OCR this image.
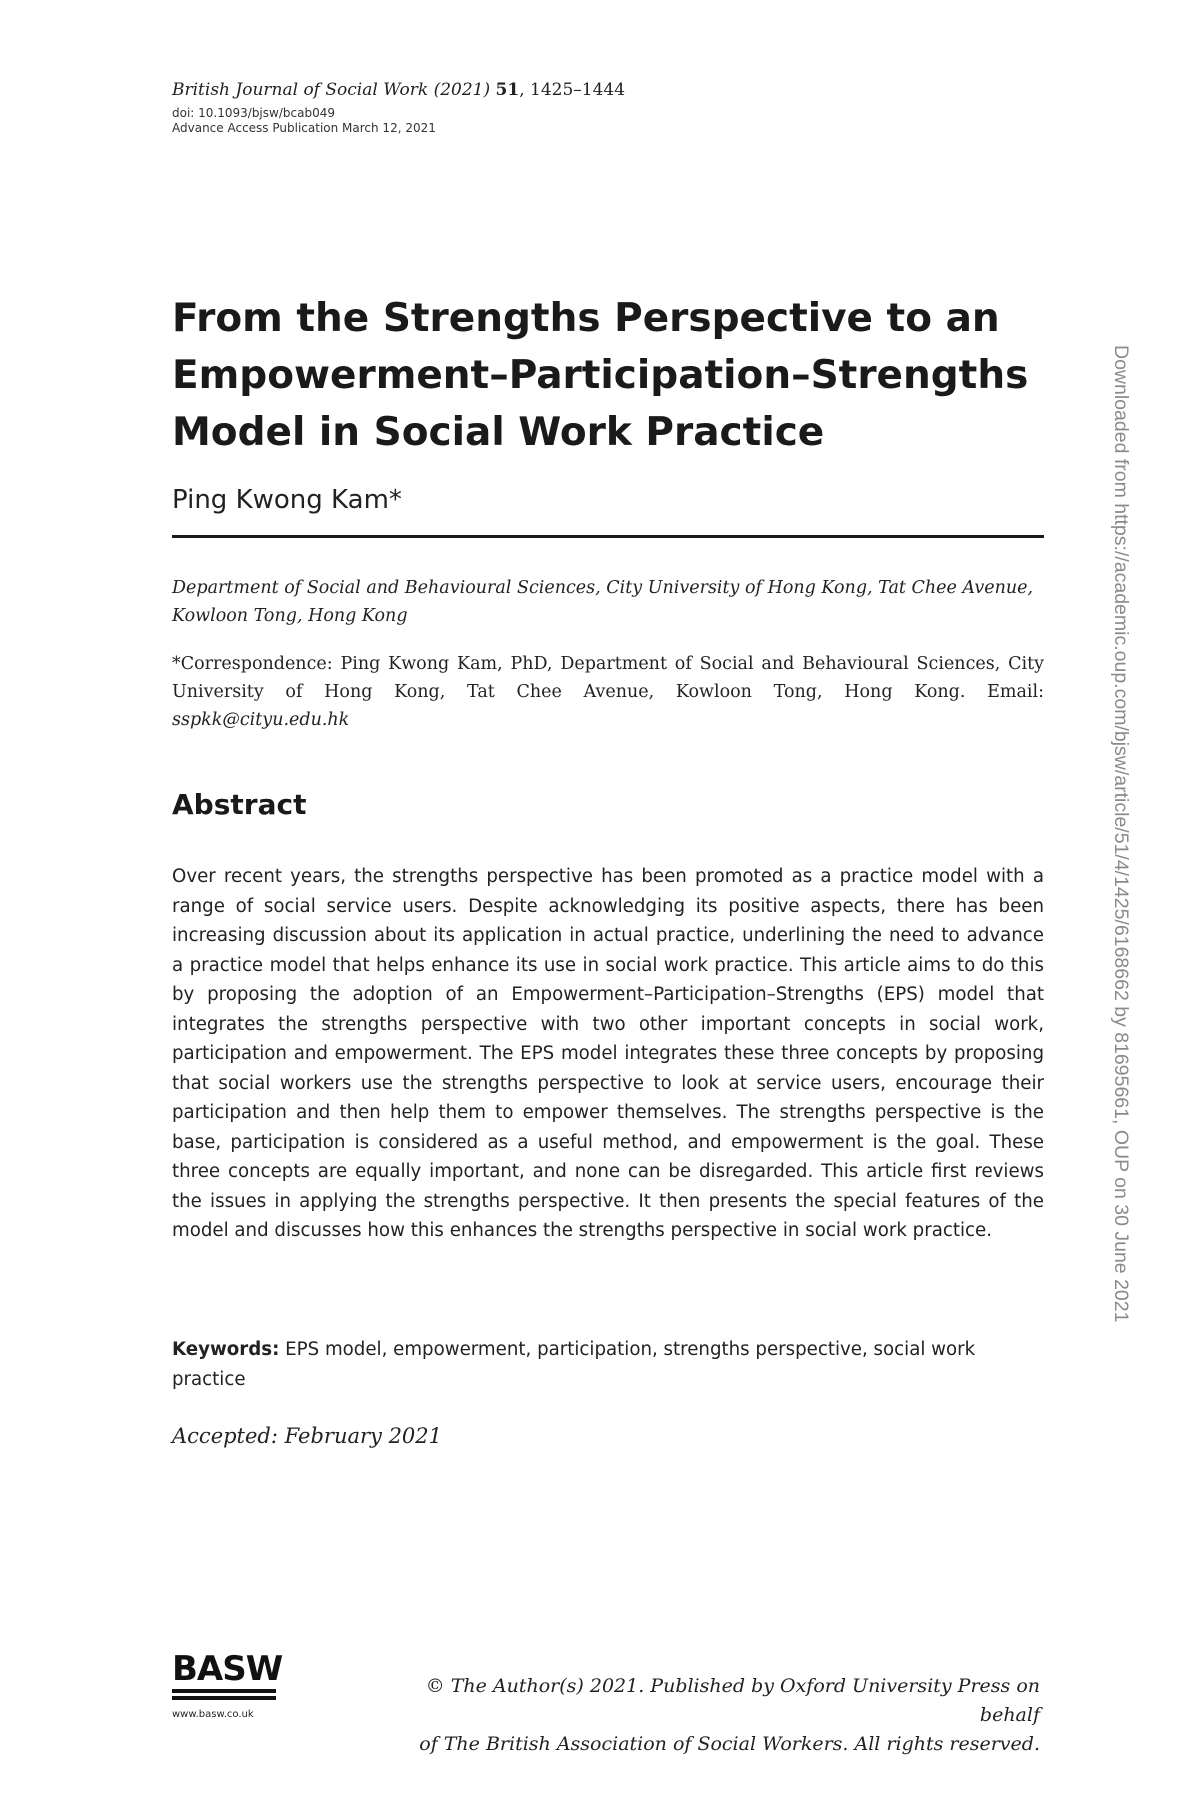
British Journal of Social Work (2021) 51, 1425–1444
doi: 10.1093/bjsw/bcab049
Advance Access Publication March 12, 2021
From the Strengths Perspective to an Empowerment–Participation–Strengths Model in Social Work Practice

Ping Kwong Kam*

Department of Social and Behavioural Sciences, City University of Hong Kong, Tat Chee Avenue, Kowloon Tong, Hong Kong

*Correspondence: Ping Kwong Kam, PhD, Department of Social and Behavioural Sciences, City University of Hong Kong, Tat Chee Avenue, Kowloon Tong, Hong Kong. Email: sspkk@cityu.edu.hk

Abstract

Over recent years, the strengths perspective has been promoted as a practice model with a range of social service users. Despite acknowledging its positive aspects, there has been increasing discussion about its application in actual practice, underlining the need to advance a practice model that helps enhance its use in social work practice. This article aims to do this by proposing the adoption of an Empowerment–Participation–Strengths (EPS) model that integrates the strengths perspective with two other important concepts in social work, participation and empowerment. The EPS model integrates these three concepts by proposing that social workers use the strengths perspective to look at service users, encourage their participation and then help them to empower themselves. The strengths perspective is the base, participation is considered as a useful method, and empowerment is the goal. These three concepts are equally important, and none can be disregarded. This article first reviews the issues in applying the strengths perspective. It then presents the special features of the model and discusses how this enhances the strengths perspective in social work practice.

Keywords: EPS model, empowerment, participation, strengths perspective, social work practice

Accepted: February 2021

BASW
www.basw.co.uk

© The Author(s) 2021. Published by Oxford University Press on behalf
of The British Association of Social Workers. All rights reserved.

Downloaded from https://academic.oup.com/bjsw/article/51/4/1425/6168662 by 81695661, OUP on 30 June 2021
